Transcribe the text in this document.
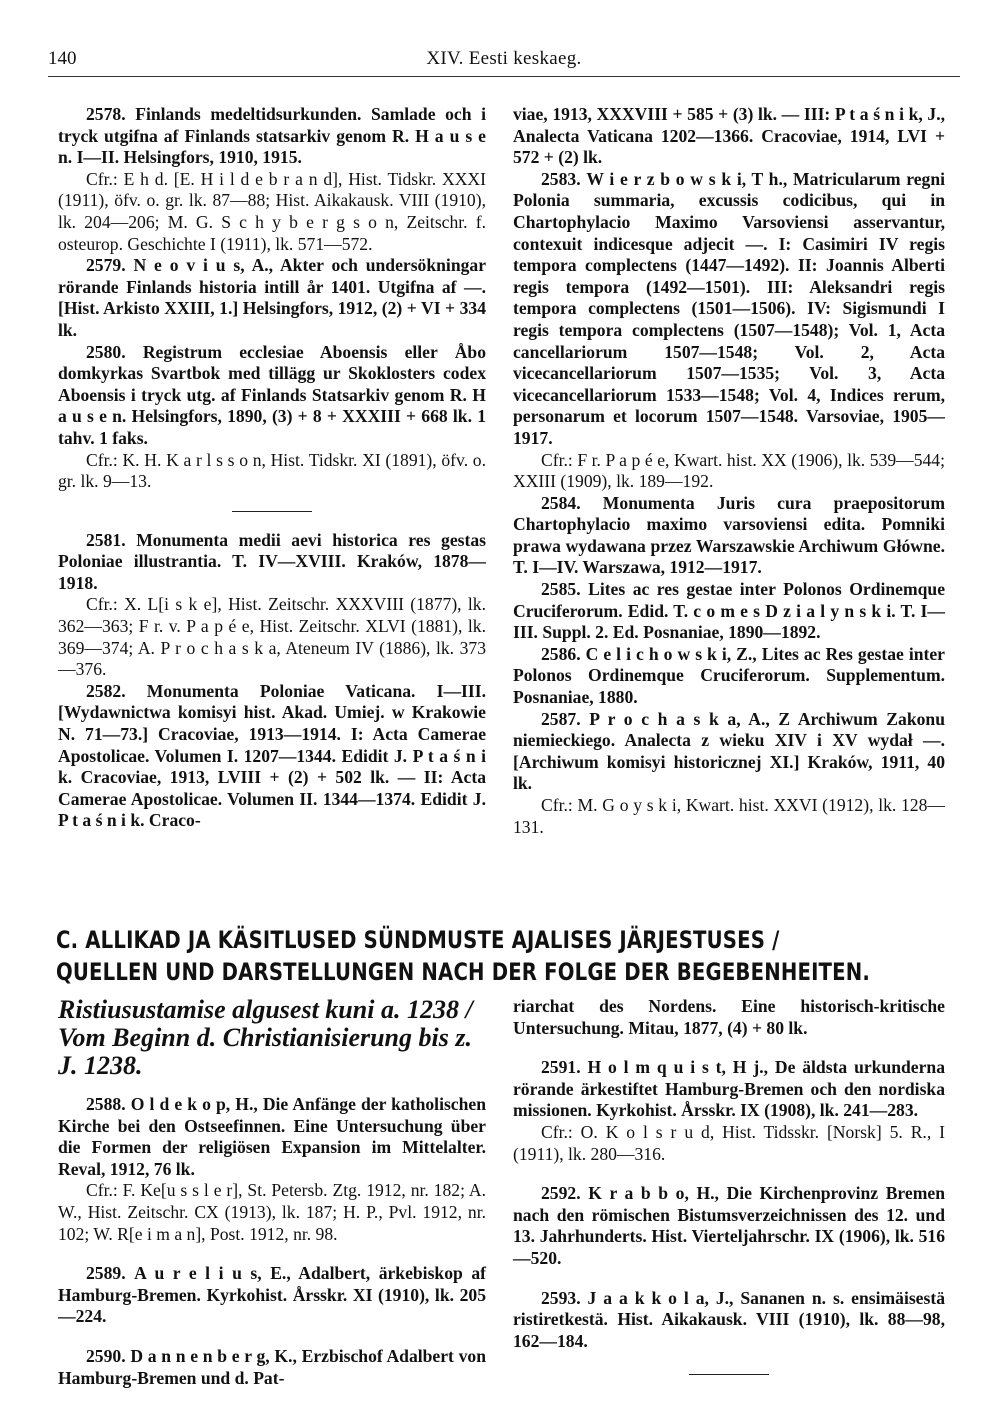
140	XIV. Eesti keskaeg.

2578. Finlands medeltidsurkunden. Samlade och i tryck utgifna af Finlands statsarkiv genom R. H a u s e n. I—II. Helsingfors, 1910, 1915.

Cfr.: E h d. [E. H i l d e b r a n d], Hist. Tidskr. XXXI (1911), öfv. o. gr. lk. 87—88; Hist. Aikakausk. VIII (1910), lk. 204—206; M. G. S c h y b e r g s o n, Zeitschr. f. osteurop. Geschichte I (1911), lk. 571—572.

2579. N e o v i u s, A., Akter och undersökningar rörande Finlands historia intill år 1401. Utgifna af —. [Hist. Arkisto XXIII, 1.] Helsingfors, 1912, (2) + VI + 334 lk.

2580. Registrum ecclesiae Aboensis eller Åbo domkyrkas Svartbok med tillägg ur Skoklosters codex Aboensis i tryck utg. af Finlands Statsarkiv genom R. H a u s e n. Helsingfors, 1890, (3) + 8 + XXXIII + 668 lk. 1 tahv. 1 faks.

Cfr.: K. H. K a r l s s o n, Hist. Tidskr. XI (1891), öfv. o. gr. lk. 9—13.

2581. Monumenta medii aevi historica res gestas Poloniae illustrantia. T. IV—XVIII. Kraków, 1878—1918.

Cfr.: X. L[i s k e], Hist. Zeitschr. XXXVIII (1877), lk. 362—363; F r. v. P a p é e, Hist. Zeitschr. XLVI (1881), lk. 369—374; A. P r o c h a s k a, Ateneum IV (1886), lk. 373—376.

2582. Monumenta Poloniae Vaticana. I—III. [Wydawnictwa komisyi hist. Akad. Umiej. w Krakowie N. 71—73.] Cracoviae, 1913—1914. I: Acta Camerae Apostolicae. Volumen I. 1207—1344. Edidit J. P t a ś n i k. Cracoviae, 1913, LVIII + (2) + 502 lk. — II: Acta Camerae Apostolicae. Volumen II. 1344—1374. Edidit J. P t a ś n i k. Craco-

viae, 1913, XXXVIII + 585 + (3) lk. — III: P t a ś n i k, J., Analecta Vaticana 1202—1366. Cracoviae, 1914, LVI + 572 + (2) lk.

2583. W i e r z b o w s k i, T h., Matricularum regni Polonia summaria, excussis codicibus, qui in Chartophylacio Maximo Varsoviensi asservantur, contexuit indicesque adjecit —. I: Casimiri IV regis tempora complectens (1447—1492). II: Joannis Alberti regis tempora (1492—1501). III: Aleksandri regis tempora complectens (1501—1506). IV: Sigismundi I regis tempora complectens (1507—1548); Vol. 1, Acta cancellariorum 1507—1548; Vol. 2, Acta vicecancellariorum 1507—1535; Vol. 3, Acta vicecancellariorum 1533—1548; Vol. 4, Indices rerum, personarum et locorum 1507—1548. Varsoviae, 1905—1917.

Cfr.: F r. P a p é e, Kwart. hist. XX (1906), lk. 539—544; XXIII (1909), lk. 189—192.

2584. Monumenta Juris cura praepositorum Chartophylacio maximo varsoviensi edita. Pomniki prawa wydawana przez Warszawskie Archiwum Główne. T. I—IV. Warszawa, 1912—1917.

2585. Lites ac res gestae inter Polonos Ordinemque Cruciferorum. Edid. T. c o m e s D z i a l y n s k i. T. I—III. Suppl. 2. Ed. Posnaniae, 1890—1892.

2586. C e l i c h o w s k i, Z., Lites ac Res gestae inter Polonos Ordinemque Cruciferorum. Supplementum. Posnaniae, 1880.

2587. P r o c h a s k a, A., Z Archiwum Zakonu niemieckiego. Analecta z wieku XIV i XV wydał —. [Archiwum komisyi historicznej XI.] Kraków, 1911, 40 lk.

Cfr.: M. G o y s k i, Kwart. hist. XXVI (1912), lk. 128—131.

C. ALLIKAD JA KÄSITLUSED SÜNDMUSTE AJALISES JÄRJESTUSES /
QUELLEN UND DARSTELLUNGEN NACH DER FOLGE DER BEGEBENHEITEN.

Ristiusustamise algusest kuni a. 1238 / Vom Beginn d. Christianisierung bis z. J. 1238.

2588. O l d e k o p, H., Die Anfänge der katholischen Kirche bei den Ostseefinnen. Eine Untersuchung über die Formen der religiösen Expansion im Mittelalter. Reval, 1912, 76 lk.

Cfr.: F. Ke[u s s l e r], St. Petersb. Ztg. 1912, nr. 182; A. W., Hist. Zeitschr. CX (1913), lk. 187; H. P., Pvl. 1912, nr. 102; W. R[e i m a n], Post. 1912, nr. 98.

2589. A u r e l i u s, E., Adalbert, ärkebiskop af Hamburg-Bremen. Kyrkohist. Årsskr. XI (1910), lk. 205—224.

2590. D a n n e n b e r g, K., Erzbischof Adalbert von Hamburg-Bremen und d. Pat-

riarchat des Nordens. Eine historisch-kritische Untersuchung. Mitau, 1877, (4) + 80 lk.

2591. H o l m q u i s t, H j., De äldsta urkunderna rörande ärkestiftet Hamburg-Bremen och den nordiska missionen. Kyrkohist. Årsskr. IX (1908), lk. 241—283.

Cfr.: O. K o l s r u d, Hist. Tidsskr. [Norsk] 5. R., I (1911), lk. 280—316.

2592. K r a b b o, H., Die Kirchenprovinz Bremen nach den römischen Bistumsverzeichnissen des 12. und 13. Jahrhunderts. Hist. Vierteljahrschr. IX (1906), lk. 516—520.

2593. J a a k k o l a, J., Sananen n. s. ensimäisestä ristiretkestä. Hist. Aikakausk. VIII (1910), lk. 88—98, 162—184.
